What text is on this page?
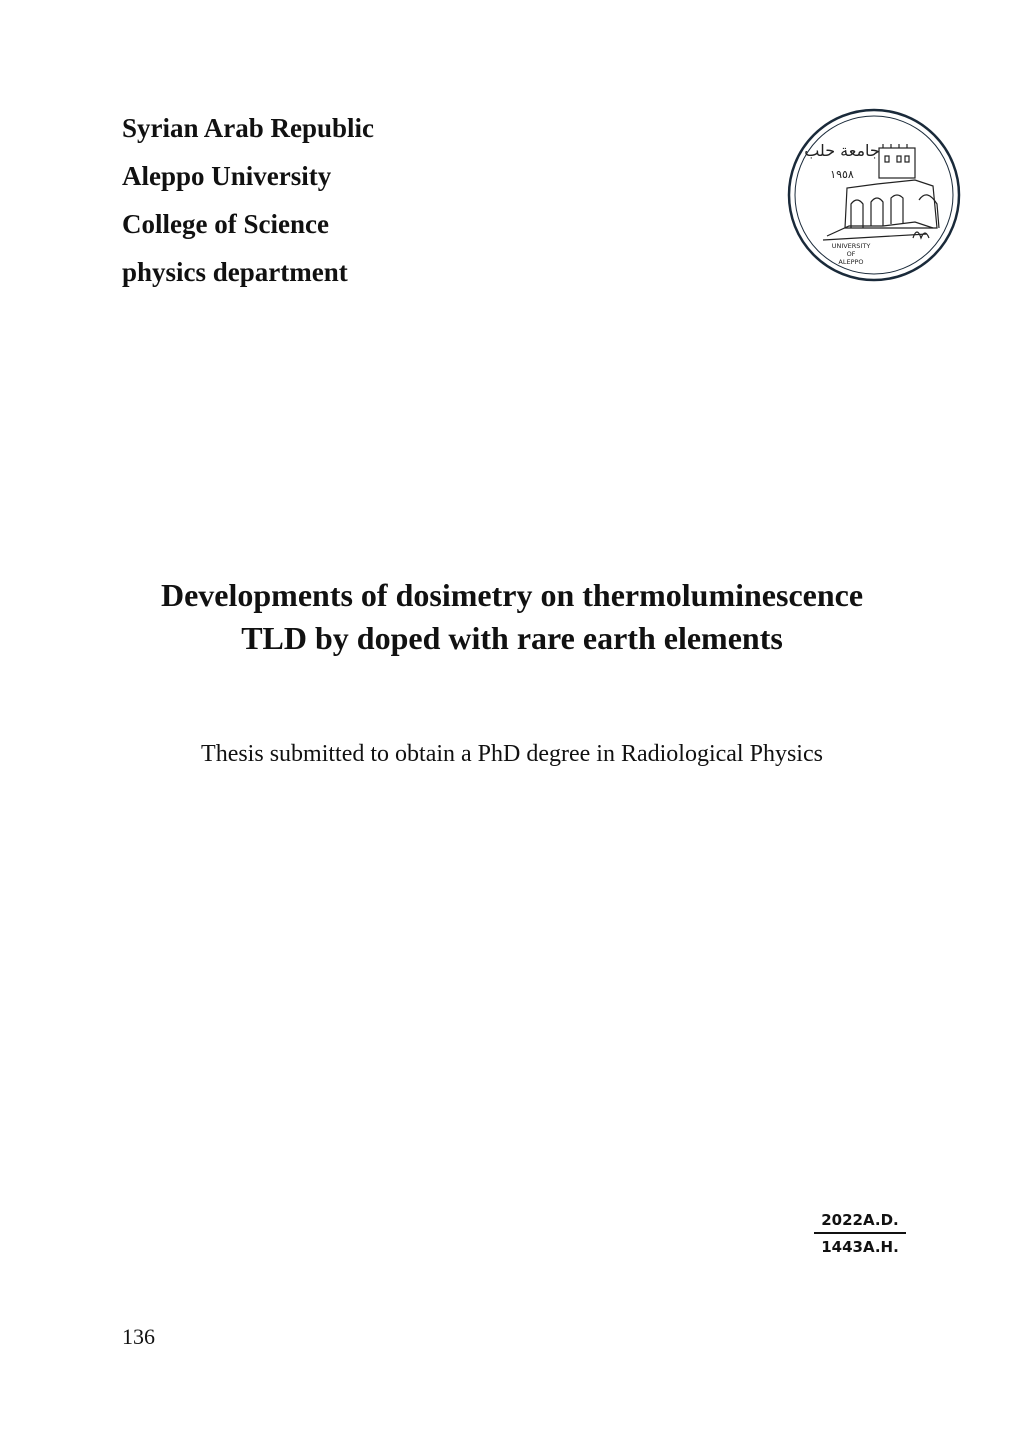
Syrian Arab Republic
Aleppo University
College of Science
physics department
جامعة حلب
١٩٥٨
UNIVERSITY
OF
ALEPPO
Developments of dosimetry on thermoluminescence
TLD by doped with rare earth elements
Thesis submitted to obtain a PhD degree in Radiological Physics
2022A.D.
1443A.H.
136
